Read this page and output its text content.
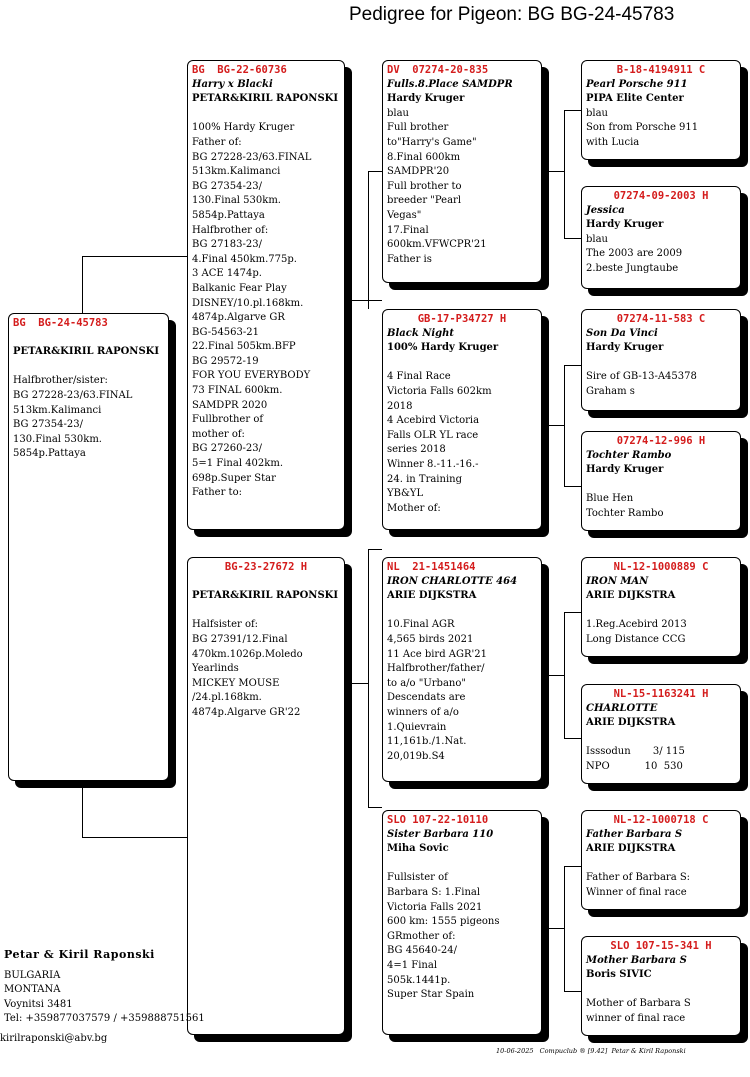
Pedigree for Pigeon: BG BG-24-45783
BG  BG-24-45783
PETAR&KIRIL RAPONSKI
Halfbrother/sister:
BG 27228-23/63.FINAL
513km.Kalimanci
BG 27354-23/
130.Final 530km.
5854p.Pattaya
BG  BG-22-60736
Harry x Blacki
PETAR&KIRIL RAPONSKI
100% Hardy Kruger
Father of:
BG 27228-23/63.FINAL
513km.Kalimanci
BG 27354-23/
130.Final 530km.
5854p.Pattaya
Halfbrother of:
BG 27183-23/
4.Final 450km.775p.
3 ACE 1474p.
Balkanic Fear Play
DISNEY/10.pl.168km.
4874p.Algarve GR
BG-54563-21
22.Final 505km.BFP
BG 29572-19
FOR YOU EVERYBODY
73 FINAL 600km.
SAMDPR 2020
Fullbrother of
mother of:
BG 27260-23/
5=1 Final 402km.
698p.Super Star
Father to:
BG-23-27672 H
PETAR&KIRIL RAPONSKI
Halfsister of:
BG 27391/12.Final
470km.1026p.Moledo
Yearlinds
MICKEY MOUSE
/24.pl.168km.
4874p.Algarve GR'22
DV  07274-20-835
Fulls.8.Place SAMDPR
Hardy Kruger
blau
Full brother
to"Harry's Game"
8.Final 600km
SAMDPR'20
Full brother to
breeder "Pearl
Vegas"
17.Final
600km.VFWCPR'21
Father is
GB-17-P34727 H
Black Night
100% Hardy Kruger
4 Final Race
Victoria Falls 602km
2018
4 Acebird Victoria
Falls OLR YL race
series 2018
Winner 8.-11.-16.-
24. in Training
YB&YL
Mother of:
NL  21-1451464
IRON CHARLOTTE 464
ARIE DIJKSTRA
10.Final AGR
4,565 birds 2021
11 Ace bird AGR'21
Halfbrother/father/
to a/o "Urbano"
Descendats are
winners of a/o
1.Quievrain
11,161b./1.Nat.
20,019b.S4
SLO 107-22-10110
Sister Barbara 110
Miha Sovic
Fullsister of
Barbara S: 1.Final
Victoria Falls 2021
600 km: 1555 pigeons
GRmother of:
BG 45640-24/
4=1 Final
505k.1441p.
Super Star Spain
B-18-4194911 C
Pearl Porsche 911
PIPA Elite Center
blau
Son from Porsche 911
with Lucia
07274-09-2003 H
Jessica
Hardy Kruger
blau
The 2003 are 2009
2.beste Jungtaube
07274-11-583 C
Son Da Vinci
Hardy Kruger
Sire of GB-13-A45378
Graham s
07274-12-996 H
Tochter Rambo
Hardy Kruger
Blue Hen
Tochter Rambo
NL-12-1000889 C
IRON MAN
ARIE DIJKSTRA
1.Reg.Acebird 2013
Long Distance CCG
NL-15-1163241 H
CHARLOTTE
ARIE DIJKSTRA
Isssodun       3/ 115
NPO           10  530
NL-12-1000718 C
Father Barbara S
ARIE DIJKSTRA
Father of Barbara S:
Winner of final race
SLO 107-15-341 H
Mother Barbara S
Boris SIVIC
Mother of Barbara S
winner of final race
Petar & Kiril Raponski
BULGARIA
MONTANA
Voynitsi 3481
Tel: +359877037579 / +359888751561
kirilraponski@abv.bg
10-06-2025   Compuclub ® [9.42]  Petar & Kiril Raponski
